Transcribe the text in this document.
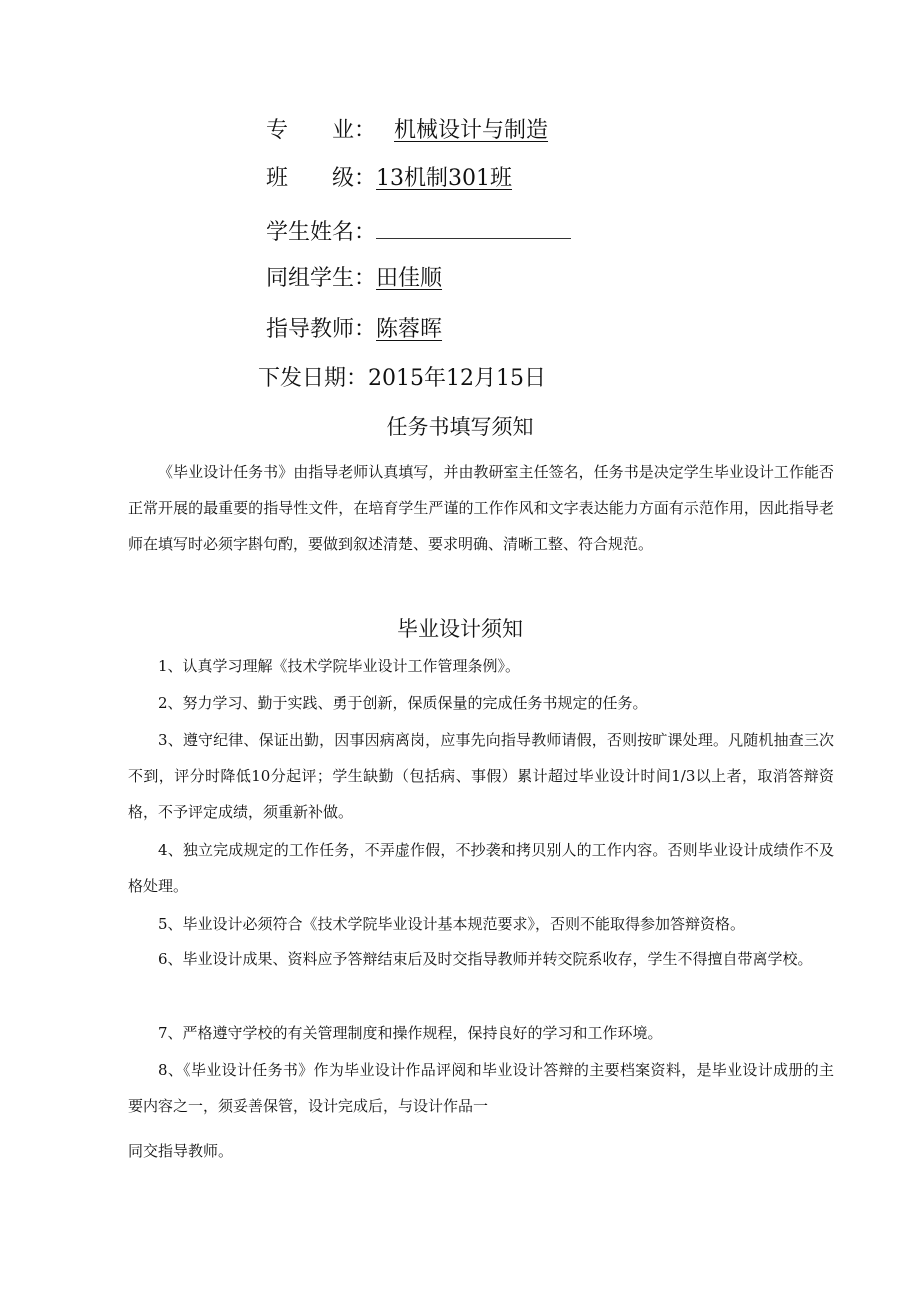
专　　业： 机械设计与制造
班　　级：13机制301班
学生姓名：
同组学生：田佳顺
指导教师：陈蓉晖
下发日期：2015年12月15日
任务书填写须知
《毕业设计任务书》由指导老师认真填写，并由教研室主任签名，任务书是决定学生毕业设计工作能否正常开展的最重要的指导性文件，在培育学生严谨的工作作风和文字表达能力方面有示范作用，因此指导老师在填写时必须字斟句酌，要做到叙述清楚、要求明确、清晰工整、符合规范。
毕业设计须知
1、认真学习理解《技术学院毕业设计工作管理条例》。
2、努力学习、勤于实践、勇于创新，保质保量的完成任务书规定的任务。
3、遵守纪律、保证出勤，因事因病离岗，应事先向指导教师请假，否则按旷课处理。凡随机抽查三次不到，评分时降低10分起评；学生缺勤（包括病、事假）累计超过毕业设计时间1/3以上者，取消答辩资格，不予评定成绩，须重新补做。
4、独立完成规定的工作任务，不弄虚作假，不抄袭和拷贝别人的工作内容。否则毕业设计成绩作不及格处理。
5、毕业设计必须符合《技术学院毕业设计基本规范要求》，否则不能取得参加答辩资格。
6、毕业设计成果、资料应予答辩结束后及时交指导教师并转交院系收存，学生不得擅自带离学校。
7、严格遵守学校的有关管理制度和操作规程，保持良好的学习和工作环境。
8、《毕业设计任务书》作为毕业设计作品评阅和毕业设计答辩的主要档案资料，是毕业设计成册的主要内容之一，须妥善保管，设计完成后，与设计作品一
同交指导教师。
